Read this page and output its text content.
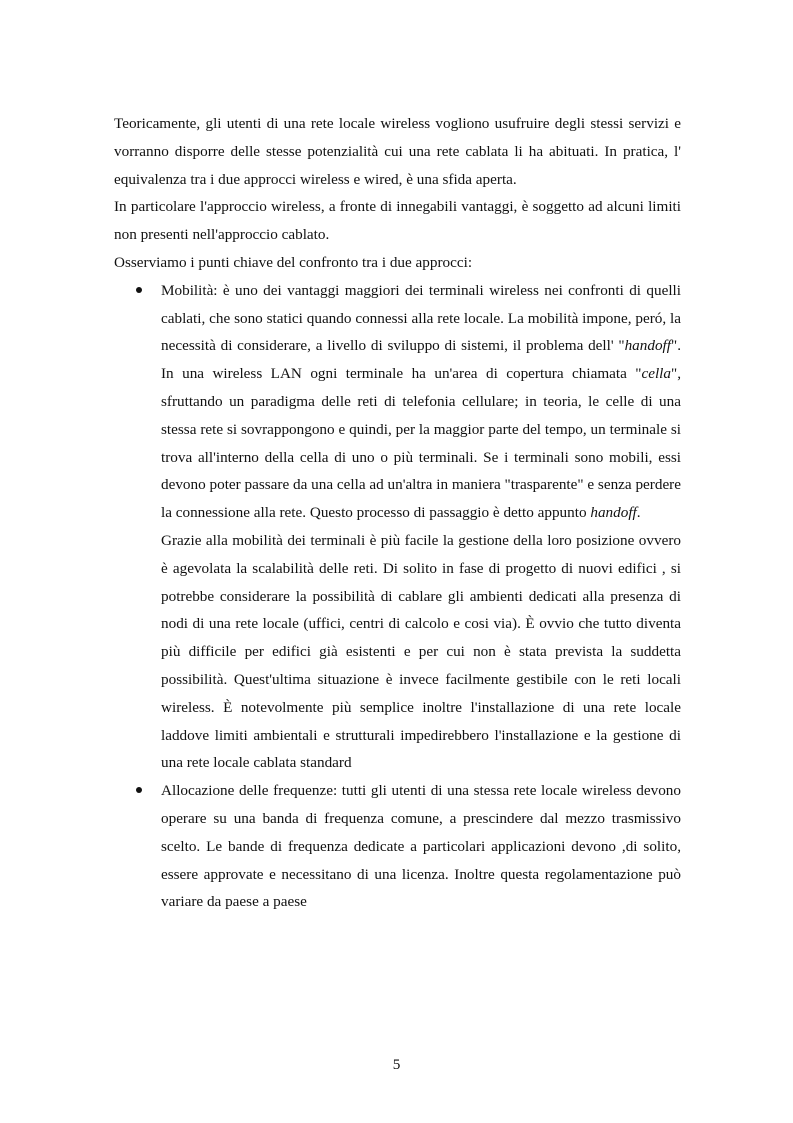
Teoricamente, gli utenti di una rete locale wireless vogliono usufruire degli stessi servizi e vorranno disporre delle stesse potenzialità cui una rete cablata li ha abituati. In pratica, l' equivalenza tra i due approcci wireless e wired, è una sfida aperta.

In particolare l'approccio wireless, a fronte di innegabili vantaggi, è soggetto ad alcuni limiti non presenti nell'approccio cablato.

Osserviamo i punti chiave del confronto tra i due approcci:

Mobilità: è uno dei vantaggi maggiori dei terminali wireless nei confronti di quelli cablati, che sono statici quando connessi alla rete locale. La mobilità impone, peró, la necessità di considerare, a livello di sviluppo di sistemi, il problema dell' "handoff". In una wireless LAN ogni terminale ha un'area di copertura chiamata "cella", sfruttando un paradigma delle reti di telefonia cellulare; in teoria, le celle di una stessa rete si sovrappongono e quindi, per la maggior parte del tempo, un terminale si trova all'interno della cella di uno o più terminali. Se i terminali sono mobili, essi devono poter passare da una cella ad un'altra in maniera "trasparente" e senza perdere la connessione alla rete. Questo processo di passaggio è detto appunto handoff.

Grazie alla mobilità dei terminali è più facile la gestione della loro posizione ovvero è agevolata la scalabilità delle reti. Di solito in fase di progetto di nuovi edifici , si potrebbe considerare la possibilità di cablare gli ambienti dedicati alla presenza di nodi di una rete locale (uffici, centri di calcolo e cosi via). È ovvio che tutto diventa più difficile per edifici già esistenti e per cui non è stata prevista la suddetta possibilità. Quest'ultima situazione è invece facilmente gestibile con le reti locali wireless. È notevolmente più semplice inoltre l'installazione di una rete locale laddove limiti ambientali e strutturali impedirebbero l'installazione e la gestione di una rete locale cablata standard

Allocazione delle frequenze: tutti gli utenti di una stessa rete locale wireless devono operare su una banda di frequenza comune, a prescindere dal mezzo trasmissivo scelto. Le bande di frequenza dedicate a particolari applicazioni devono ,di solito, essere approvate e necessitano di una licenza. Inoltre questa regolamentazione può variare da paese a paese

5
